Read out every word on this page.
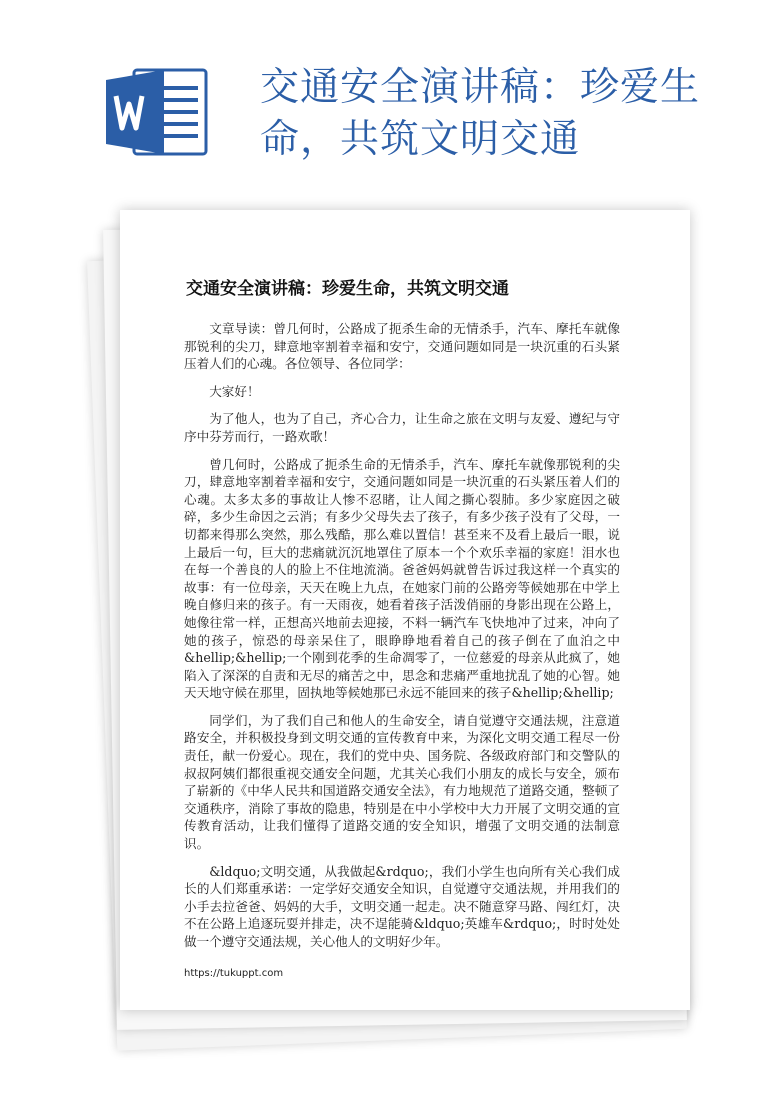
交通安全演讲稿：珍爱生命，共筑文明交通
交通安全演讲稿：珍爱生命，共筑文明交通

文章导读：曾几何时，公路成了扼杀生命的无情杀手，汽车、摩托车就像那锐利的尖刀，肆意地宰割着幸福和安宁，交通问题如同是一块沉重的石头紧压着人们的心魂。各位领导、各位同学：

大家好！

为了他人，也为了自己，齐心合力，让生命之旅在文明与友爱、遵纪与守序中芬芳而行，一路欢歌！

曾几何时，公路成了扼杀生命的无情杀手，汽车、摩托车就像那锐利的尖刀，肆意地宰割着幸福和安宁，交通问题如同是一块沉重的石头紧压着人们的心魂。太多太多的事故让人惨不忍睹，让人闻之撕心裂肺。多少家庭因之破碎，多少生命因之云消；有多少父母失去了孩子，有多少孩子没有了父母，一切都来得那么突然，那么残酷，那么难以置信！甚至来不及看上最后一眼，说上最后一句，巨大的悲痛就沉沉地罩住了原本一个个欢乐幸福的家庭！泪水也在每一个善良的人的脸上不住地流淌。爸爸妈妈就曾告诉过我这样一个真实的故事：有一位母亲，天天在晚上九点，在她家门前的公路旁等候她那在中学上晚自修归来的孩子。有一天雨夜，她看着孩子活泼俏丽的身影出现在公路上，她像往常一样，正想高兴地前去迎接，不料一辆汽车飞快地冲了过来，冲向了她的孩子，惊恐的母亲呆住了，眼睁睁地看着自己的孩子倒在了血泊之中&hellip;&hellip;一个刚到花季的生命凋零了，一位慈爱的母亲从此疯了，她陷入了深深的自责和无尽的痛苦之中，思念和悲痛严重地扰乱了她的心智。她天天地守候在那里，固执地等候她那已永远不能回来的孩子&hellip;&hellip;

同学们，为了我们自己和他人的生命安全，请自觉遵守交通法规，注意道路安全，并积极投身到文明交通的宣传教育中来，为深化文明交通工程尽一份责任，献一份爱心。现在，我们的党中央、国务院、各级政府部门和交警队的叔叔阿姨们都很重视交通安全问题，尤其关心我们小朋友的成长与安全，颁布了崭新的《中华人民共和国道路交通安全法》，有力地规范了道路交通，整顿了交通秩序，消除了事故的隐患，特别是在中小学校中大力开展了文明交通的宣传教育活动，让我们懂得了道路交通的安全知识，增强了文明交通的法制意识。

&ldquo;文明交通，从我做起&rdquo;，我们小学生也向所有关心我们成长的人们郑重承诺：一定学好交通安全知识，自觉遵守交通法规，并用我们的小手去拉爸爸、妈妈的大手，文明交通一起走。决不随意穿马路、闯红灯，决不在公路上追逐玩耍并排走，决不逞能骑&ldquo;英雄车&rdquo;，时时处处做一个遵守交通法规，关心他人的文明好少年。

https://tukuppt.com
